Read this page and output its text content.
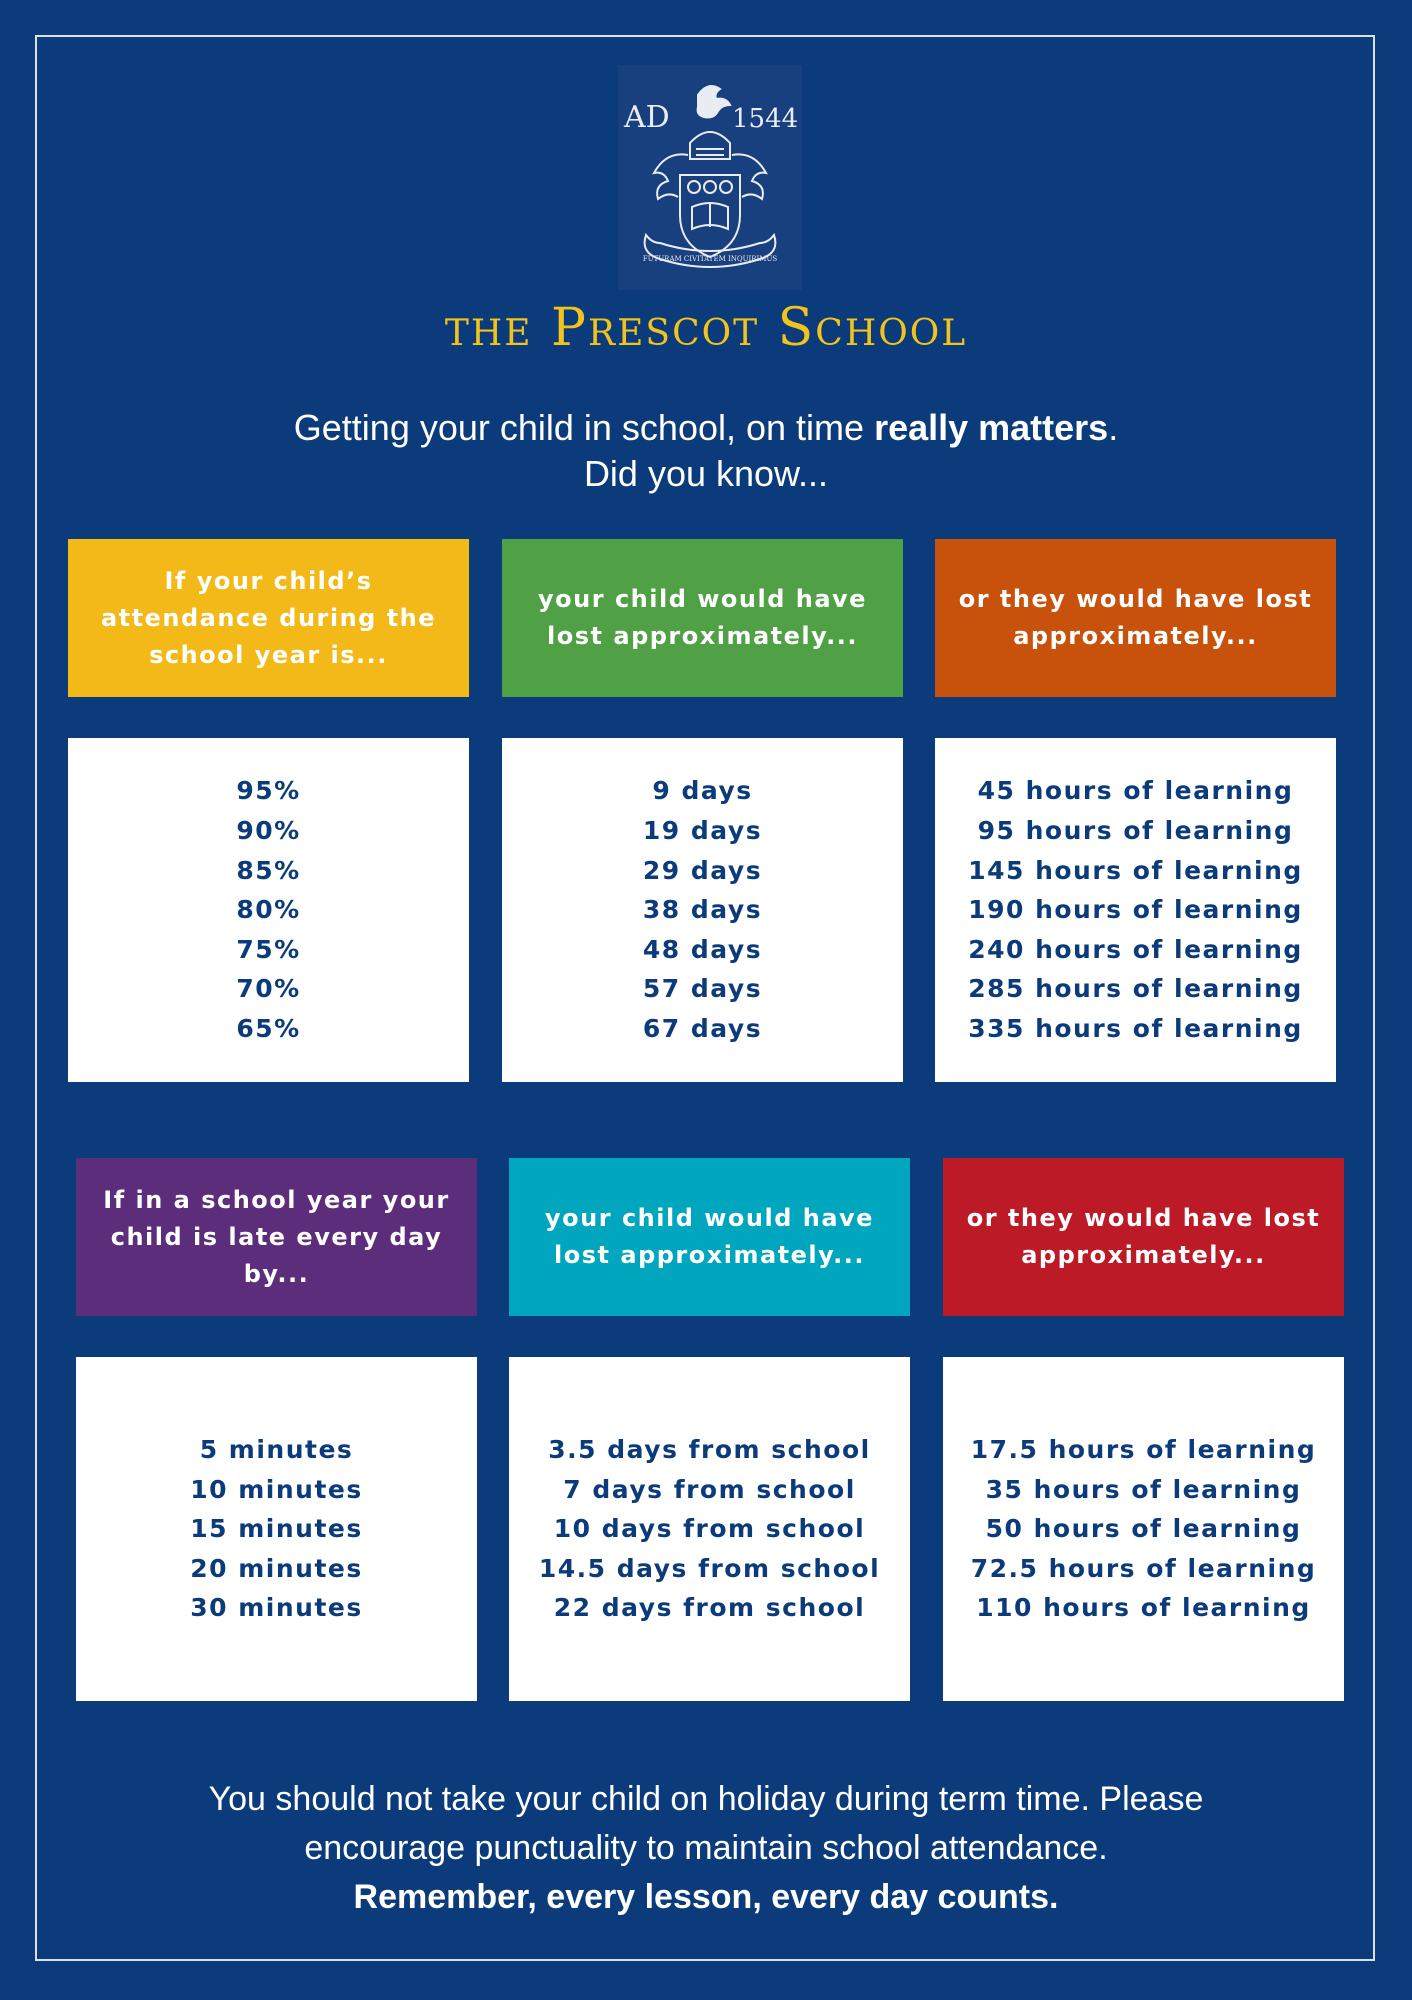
AD 1544
FUTURAM CIVITATEM INQUIRIMUS
the Prescot School
Getting your child in school, on time really matters.
Did you know...
If your child’s attendance during the school year is...
your child would have lost approximately...
or they would have lost approximately...
95%
90%
85%
80%
75%
70%
65%
9 days
19 days
29 days
38 days
48 days
57 days
67 days
45 hours of learning
95 hours of learning
145 hours of learning
190 hours of learning
240 hours of learning
285 hours of learning
335 hours of learning
If in a school year your child is late every day by...
your child would have lost approximately...
or they would have lost approximately...
5 minutes
10 minutes
15 minutes
20 minutes
30 minutes
3.5 days from school
7 days from school
10 days from school
14.5 days from school
22 days from school
17.5 hours of learning
35 hours of learning
50 hours of learning
72.5 hours of learning
110 hours of learning
You should not take your child on holiday during term time. Please
encourage punctuality to maintain school attendance.
Remember, every lesson, every day counts.
